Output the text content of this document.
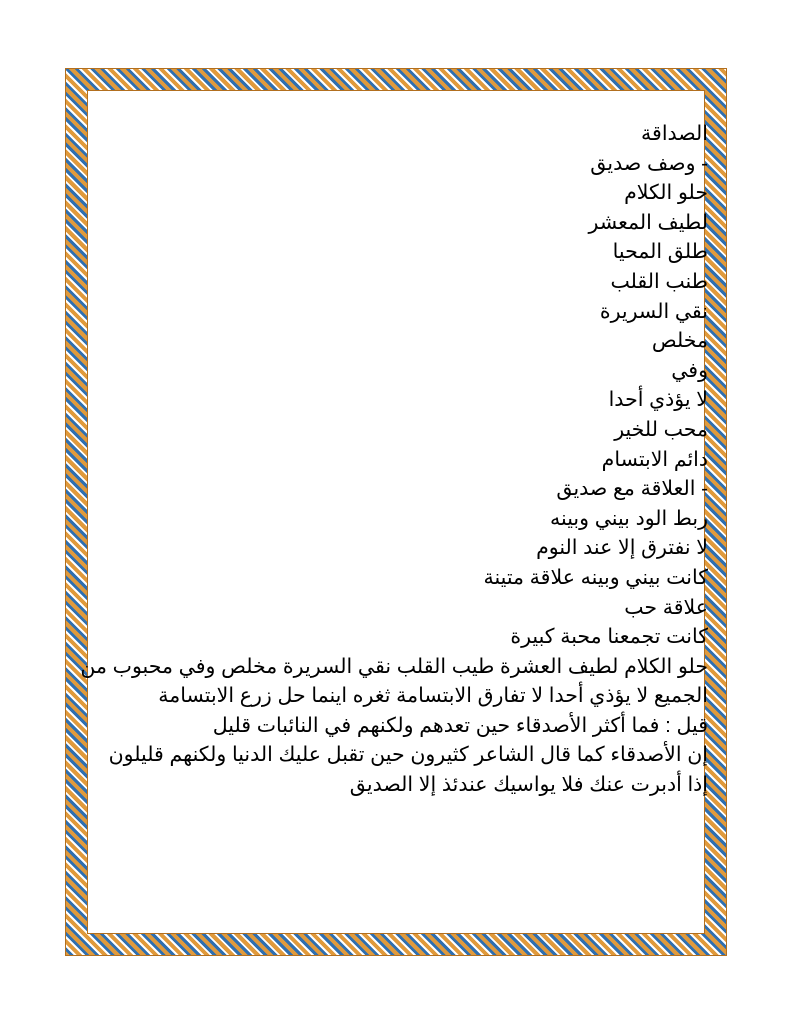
الصداقة

- وصف صديق

حلو الكلام

لطيف المعشر

طلق المحيا

طنب القلب

نقي السريرة

مخلص

وفي

لا يؤذي أحدا

محب للخير

دائم الابتسام

- العلاقة مع صديق

ربط الود بيني وبينه

لا نفترق إلا عند النوم

كانت بيني وبينه علاقة متينة

علاقة حب

كانت تجمعنا محبة كبيرة

حلو الكلام لطيف العشرة طيب القلب نقي السريرة مخلص وفي محبوب من

الجميع لا يؤذي أحدا لا تفارق الابتسامة ثغره اينما حل زرع الابتسامة

قيل : فما أكثر الأصدقاء حين تعدهم ولكنهم في النائبات قليل

إن الأصدقاء كما قال الشاعر كثيرون حين تقبل عليك الدنيا ولكنهم قليلون

إذا أدبرت عنك فلا يواسيك عندئذ إلا الصديق
